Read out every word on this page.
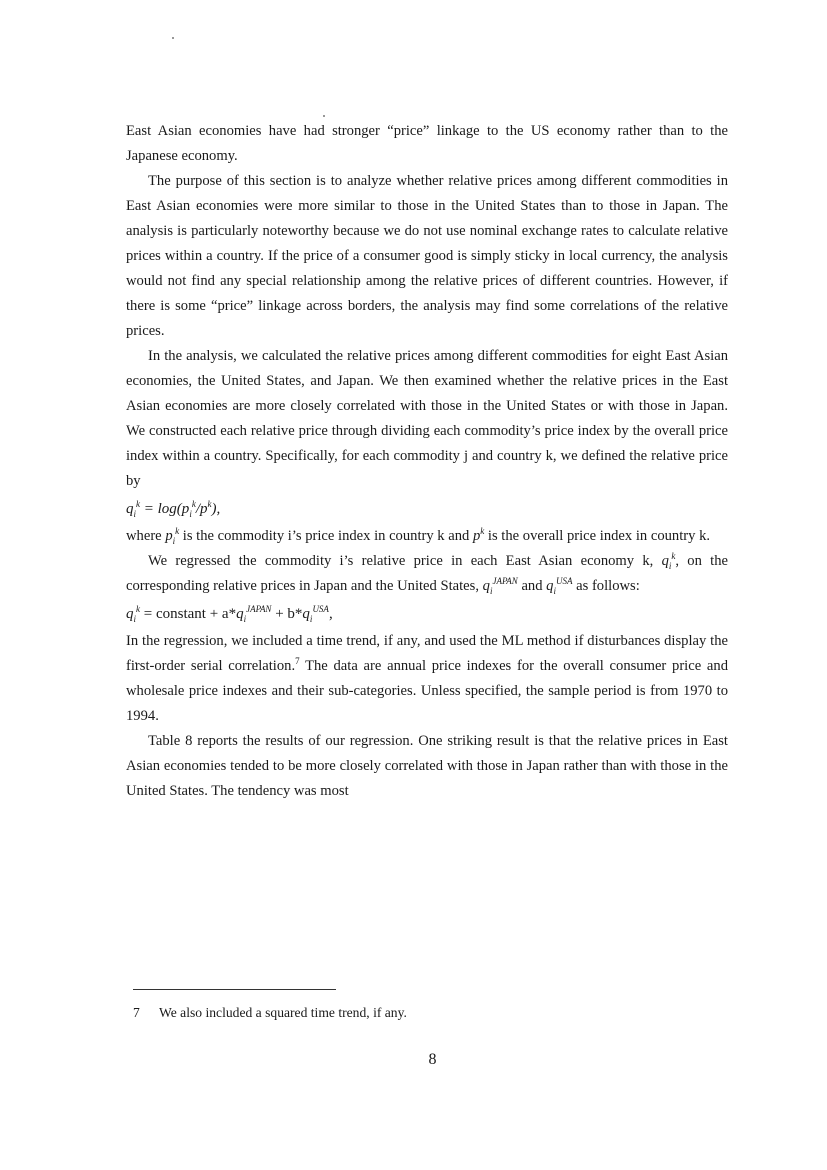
East Asian economies have had stronger “price” linkage to the US economy rather than to the Japanese economy.

The purpose of this section is to analyze whether relative prices among different commodities in East Asian economies were more similar to those in the United States than to those in Japan. The analysis is particularly noteworthy because we do not use nominal exchange rates to calculate relative prices within a country. If the price of a consumer good is simply sticky in local currency, the analysis would not find any special relationship among the relative prices of different countries. However, if there is some “price” linkage across borders, the analysis may find some correlations of the relative prices.

In the analysis, we calculated the relative prices among different commodities for eight East Asian economies, the United States, and Japan. We then examined whether the relative prices in the East Asian economies are more closely correlated with those in the United States or with those in Japan. We constructed each relative price through dividing each commodity’s price index by the overall price index within a country. Specifically, for each commodity j and country k, we defined the relative price by

$q_i^k = \log(p_i^k/p^k)$,

where $p_i^k$ is the commodity i’s price index in country k and $p^k$ is the overall price index in country k.

We regressed the commodity i’s relative price in each East Asian economy k, $q_i^k$, on the corresponding relative prices in Japan and the United States, $q_i^{JAPAN}$ and $q_i^{USA}$ as follows:

$q_i^k$ = constant + $a*q_i^{JAPAN} + b*q_i^{USA}$,

In the regression, we included a time trend, if any, and used the ML method if disturbances display the first-order serial correlation.$^7$ The data are annual price indexes for the overall consumer price and wholesale price indexes and their sub-categories. Unless specified, the sample period is from 1970 to 1994.

Table 8 reports the results of our regression. One striking result is that the relative prices in East Asian economies tended to be more closely correlated with those in Japan rather than with those in the United States. The tendency was most

7 We also included a squared time trend, if any.
8
